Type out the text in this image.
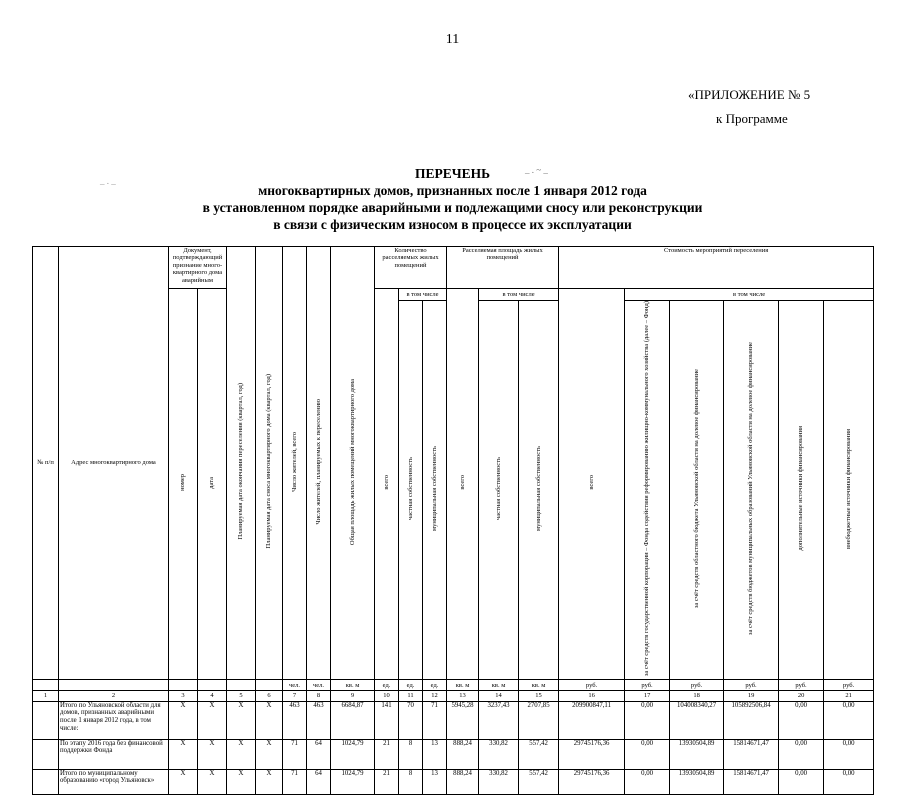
11
«ПРИЛОЖЕНИЕ № 5
к Программе
_ . ~ _
_ . _	ПЕРЕЧЕНЬ
многоквартирных домов, признанных после 1 января 2012 года
в установленном порядке аварийными и подлежащими сносу или реконструкции
в связи с физическим износом в процессе их эксплуатации
№ п/п	Адрес многоквартирного дома	Документ, подтверждающий признание много-квартирного дома аварийным		Планируемая дата окончания переселения (квартал, год)	Планируемая дата сноса многоквартирного дома (квартал, год)	Число жителей, всего	Число жителей, планируемых к переселению	Общая площадь жилых помещений многоквартирного дома	Количество расселяемых жилых помещений			Расселяемая площадь жилых помещений			Стоимость мероприятий переселения					
		номер	дата						всего	в том числе		всего	в том числе		всего	в том числе				
										частная собственность	муниципальная собственность		частная собственность	муниципальная собственность		за счёт средств государственной корпорации – Фонда содействия реформированию жилищно-коммунального хозяйства (далее – Фонд)	за счёт средств областного бюджета Ульяновской области на долевое финансирование	за счёт средств бюджетов муниципальных образований Ульяновской области на долевое финансирование	дополнительные источники финансирования	внебюджетные источники финансирования
						чел.	чел.	кв. м	ед.	ед.	ед.	кв. м	кв. м	кв. м	руб.	руб.	руб.	руб.	руб.	руб.
1	2	3	4	5	6	7	8	9	10	11	12	13	14	15	16	17	18	19	20	21
	Итого по Ульяновской области для домов, признанных аварийными после 1 января 2012 года, в том числе:	Х	Х	Х	Х	463	463	6684,87	141	70	71	5945,28	3237,43	2707,85	209900847,11	0,00	104008340,27	105892506,84	0,00	0,00
	По этапу 2016 года без финансовой поддержки Фонда	Х	Х	Х	Х	71	64	1024,79	21	8	13	888,24	330,82	557,42	29745176,36	0,00	13930504,89	15814671,47	0,00	0,00
	Итого по муниципальному образованию «город Ульяновск»	Х	Х	Х	Х	71	64	1024,79	21	8	13	888,24	330,82	557,42	29745176,36	0,00	13930504,89	15814671,47	0,00	0,00
